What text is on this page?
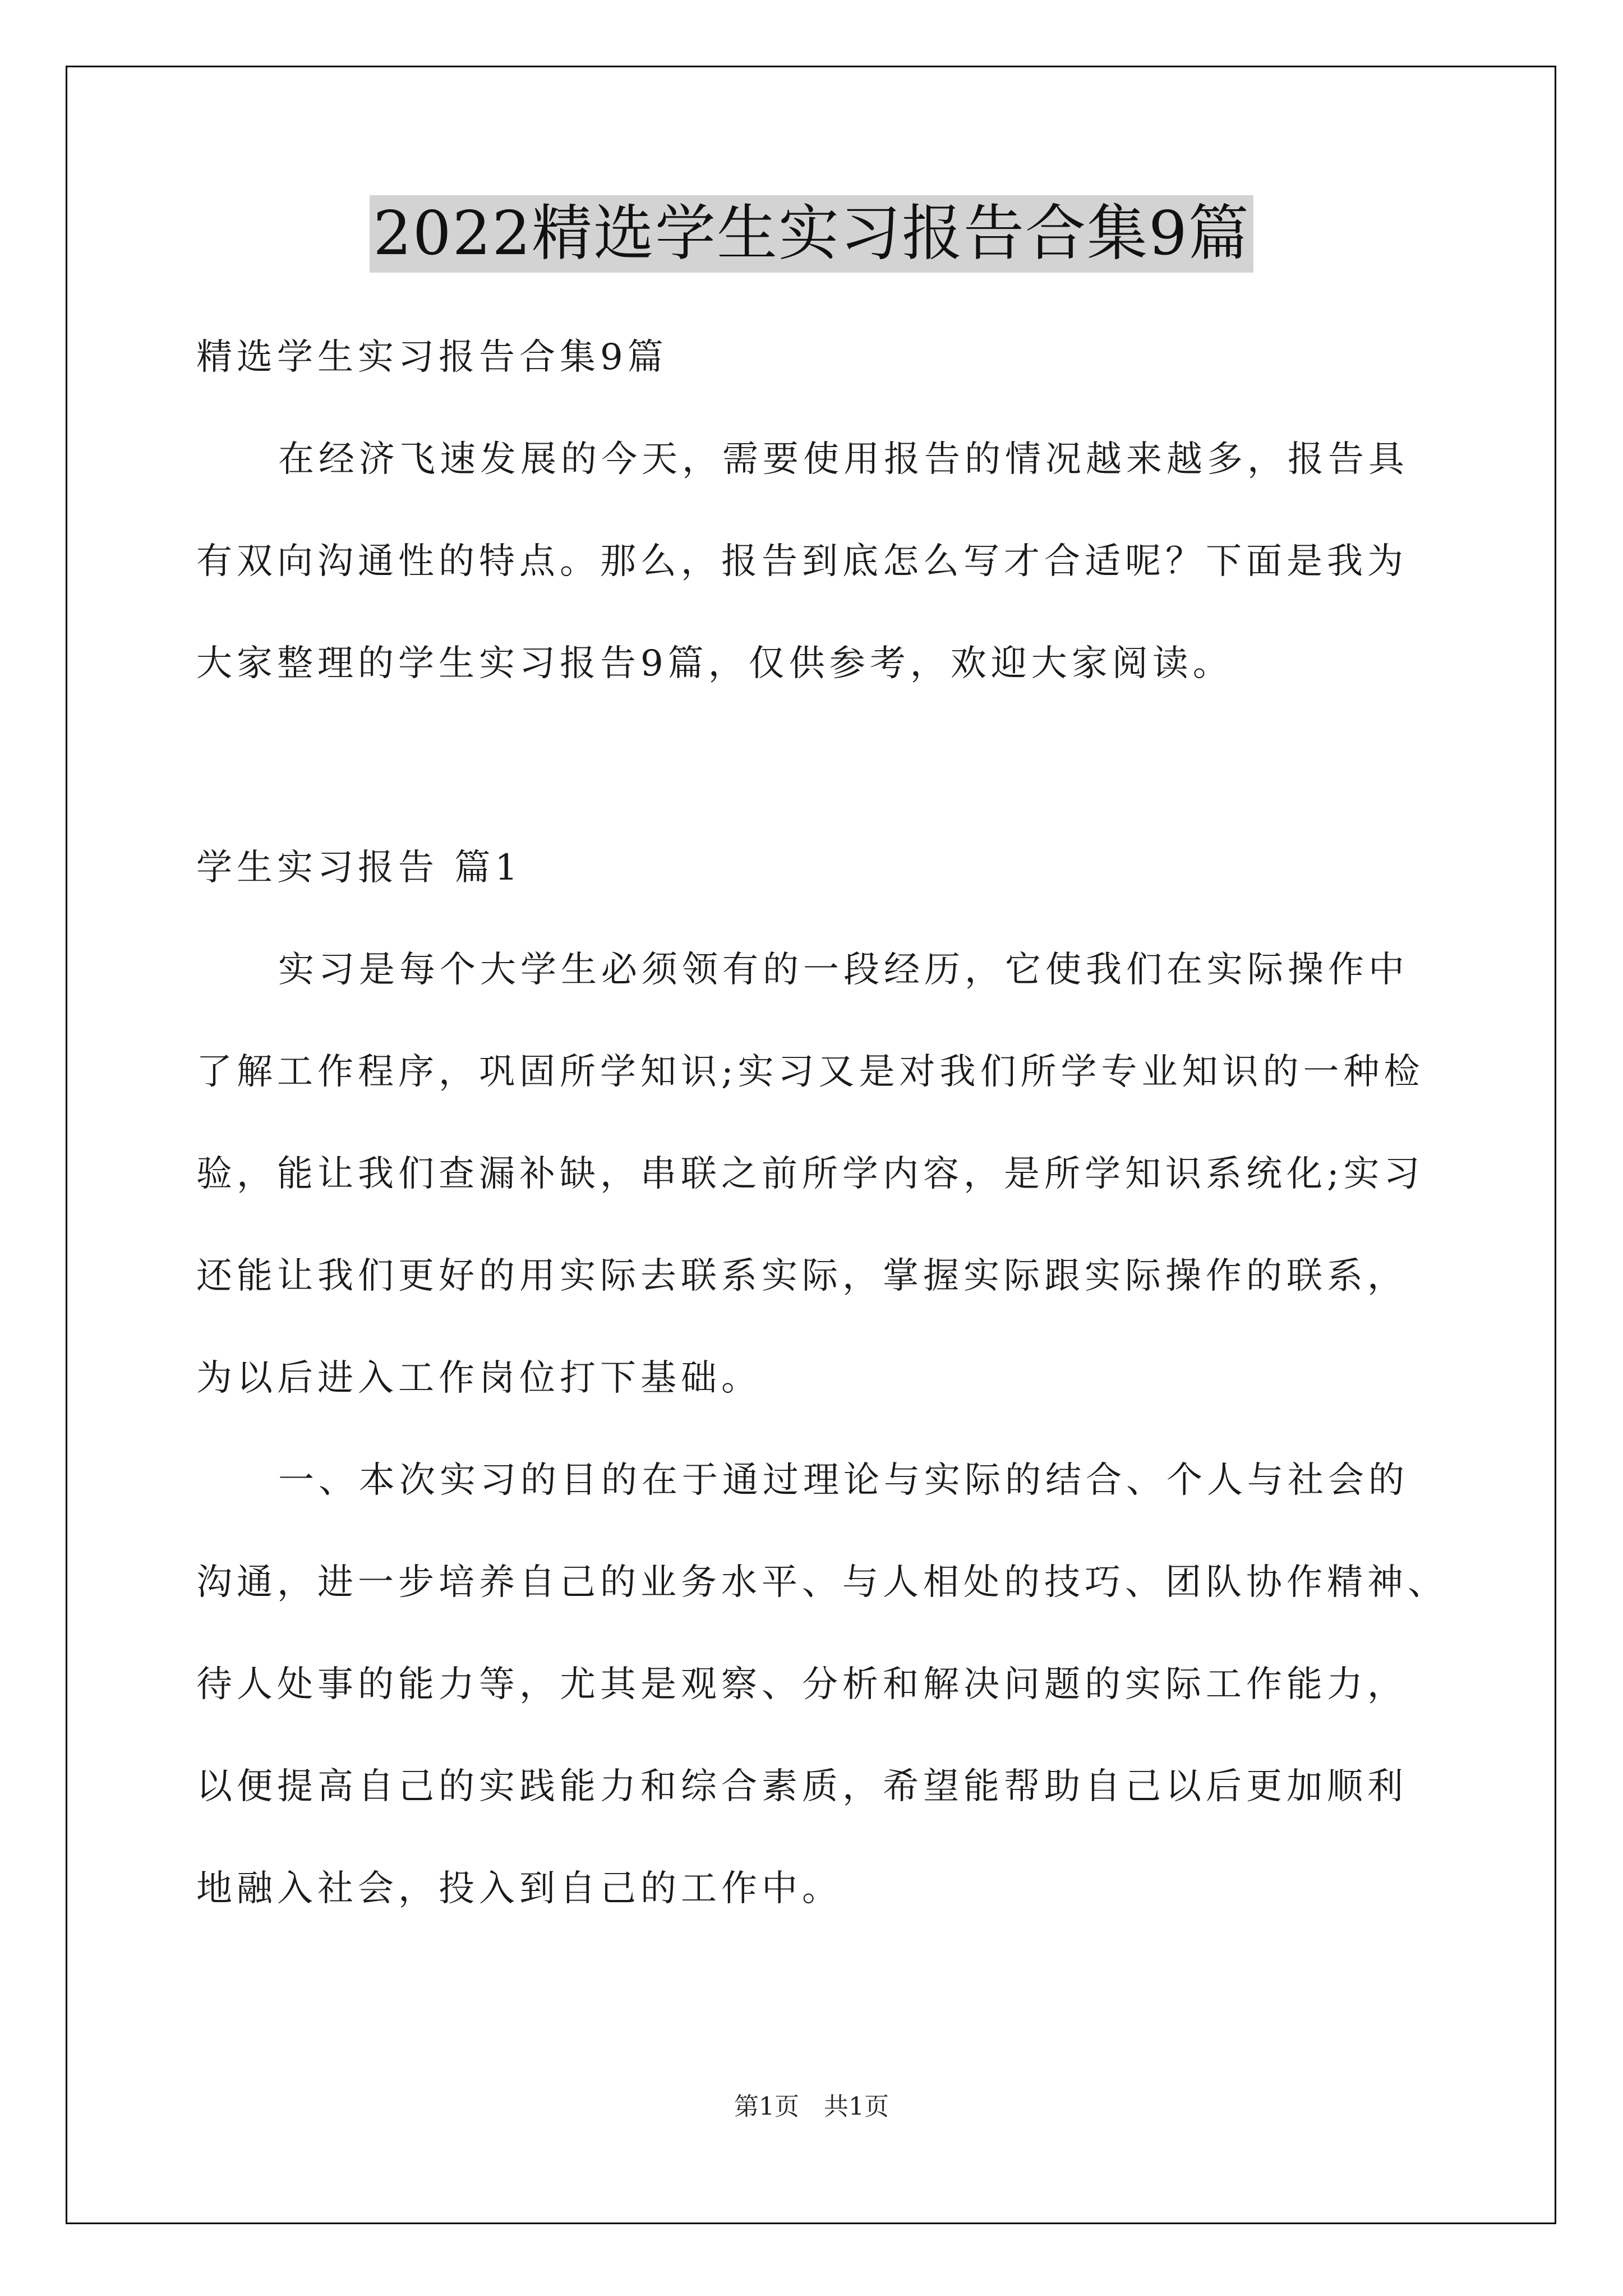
2022精选学生实习报告合集9篇
精选学生实习报告合集9篇
在经济飞速发展的今天，需要使用报告的情况越来越多，报告具
有双向沟通性的特点。那么，报告到底怎么写才合适呢？下面是我为
大家整理的学生实习报告9篇，仅供参考，欢迎大家阅读。
学生实习报告 篇1
实习是每个大学生必须领有的一段经历，它使我们在实际操作中
了解工作程序，巩固所学知识;实习又是对我们所学专业知识的一种检
验，能让我们查漏补缺，串联之前所学内容，是所学知识系统化;实习
还能让我们更好的用实际去联系实际，掌握实际跟实际操作的联系，
为以后进入工作岗位打下基础。
一、本次实习的目的在于通过理论与实际的结合、个人与社会的
沟通，进一步培养自己的业务水平、与人相处的技巧、团队协作精神、
待人处事的能力等，尤其是观察、分析和解决问题的实际工作能力，
以便提高自己的实践能力和综合素质，希望能帮助自己以后更加顺利
地融入社会，投入到自己的工作中。
第1页 共1页
